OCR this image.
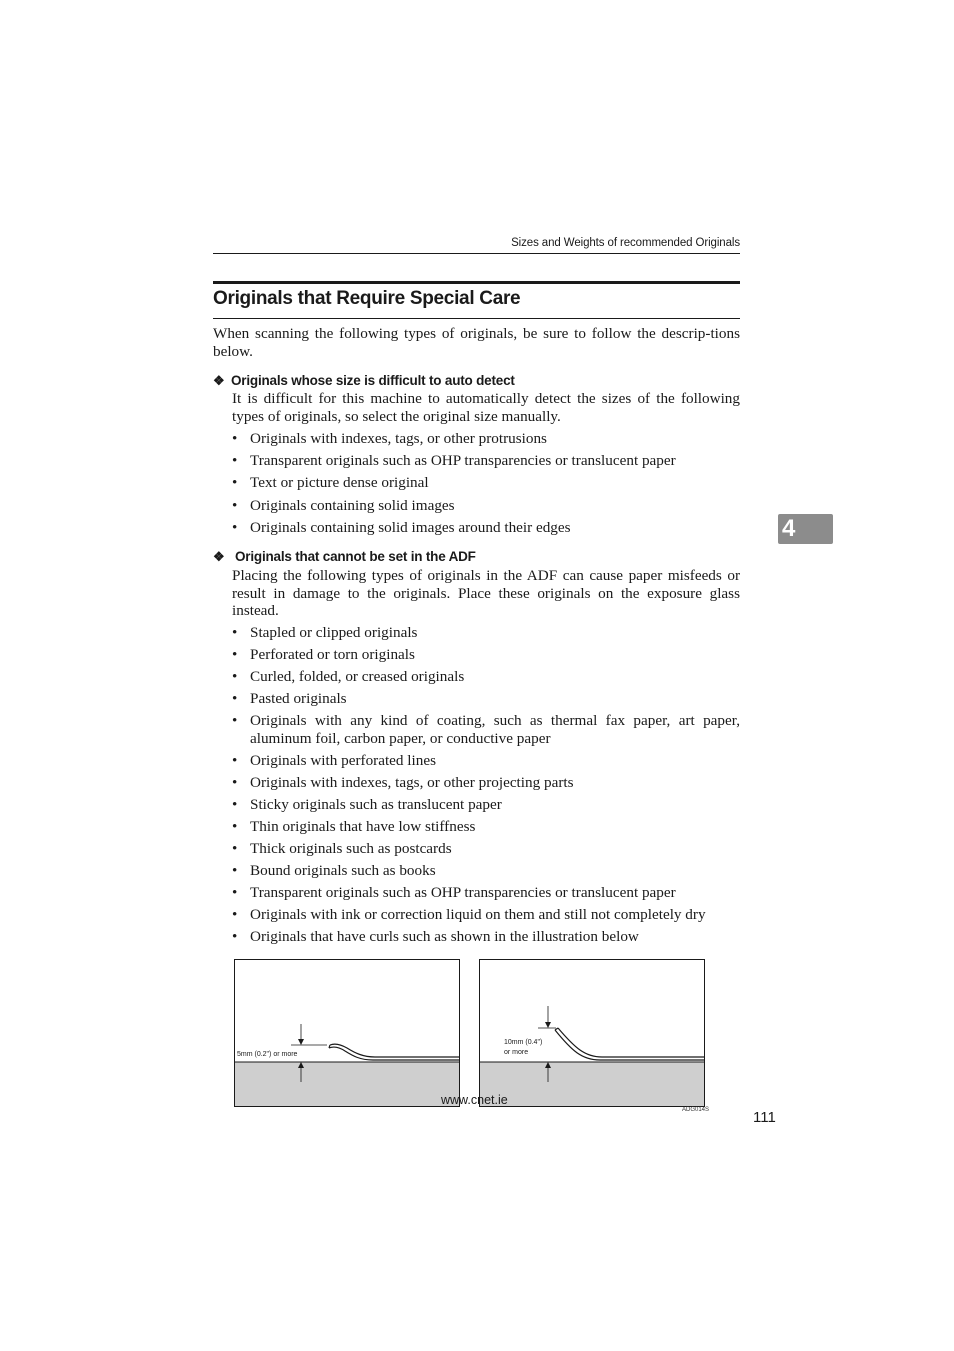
Sizes and Weights of recommended Originals
Originals that Require Special Care
When scanning the following types of originals, be sure to follow the descrip-tions below.
❖ Originals whose size is difficult to auto detect
It is difficult for this machine to automatically detect the sizes of the following types of originals, so select the original size manually.
• Originals with indexes, tags, or other protrusions
• Transparent originals such as OHP transparencies or translucent paper
• Text or picture dense original
• Originals containing solid images
• Originals containing solid images around their edges
❖ Originals that cannot be set in the ADF
Placing the following types of originals in the ADF can cause paper misfeeds or result in damage to the originals. Place these originals on the exposure glass instead.
• Stapled or clipped originals
• Perforated or torn originals
• Curled, folded, or creased originals
• Pasted originals
• Originals with any kind of coating, such as thermal fax paper, art paper, aluminum foil, carbon paper, or conductive paper
• Originals with perforated lines
• Originals with indexes, tags, or other projecting parts
• Sticky originals such as translucent paper
• Thin originals that have low stiffness
• Thick originals such as postcards
• Bound originals such as books
• Transparent originals such as OHP transparencies or translucent paper
• Originals with ink or correction liquid on them and still not completely dry
• Originals that have curls such as shown in the illustration below
4
5mm (0.2") or more
10mm (0.4")
or more
ADG014S
www.cnet.ie
111
